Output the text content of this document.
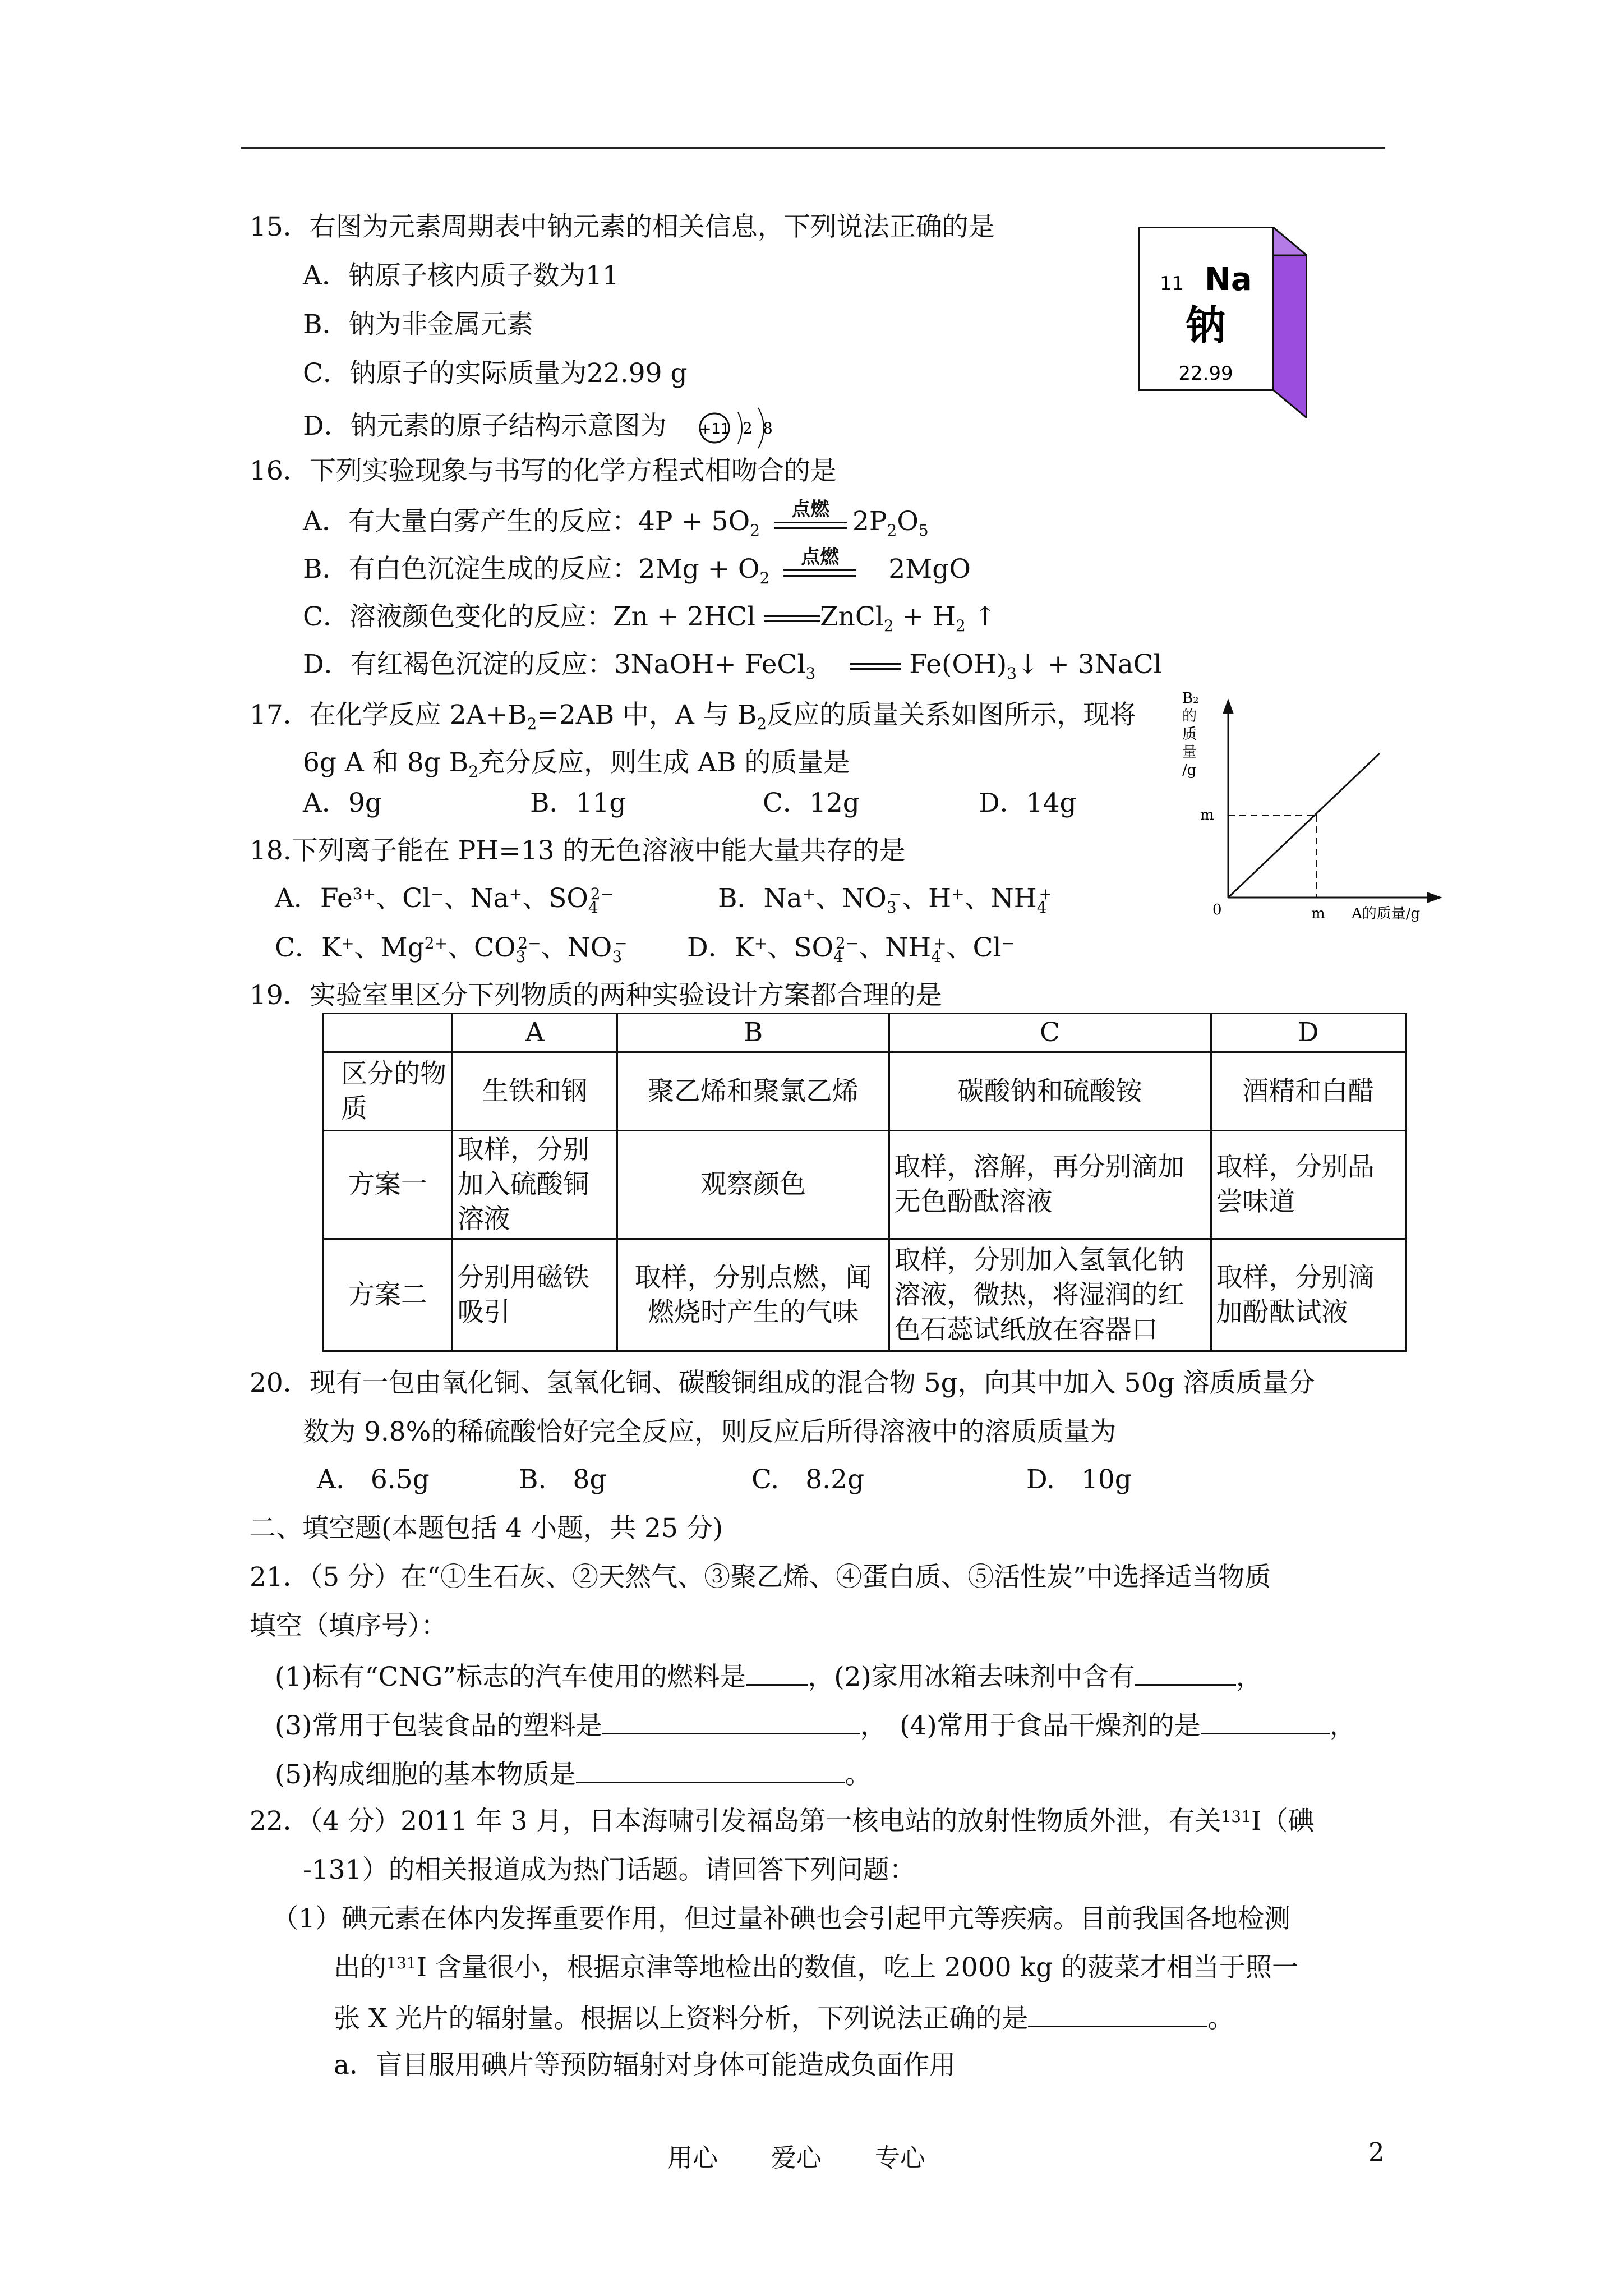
15．右图为元素周期表中钠元素的相关信息，下列说法正确的是
A．钠原子核内质子数为11
B．钠为非金属元素
C．钠原子的实际质量为22.99 g
D．钠元素的原子结构示意图为 +11 2 8
11 Na
钠
22.99
16．下列实验现象与书写的化学方程式相吻合的是
A．有大量白雾产生的反应：$4P + 5O_2$
点燃 $2P_2O_5$
B．有白色沉淀生成的反应：$2Mg + O_2$
点燃 　2MgO
C．溶液颜色变化的反应：Zn + 2HCl ZnCl$_2$ + $H_2$ ↑
D．有红褐色沉淀的反应：3NaOH+ FeCl$_3$　	$Fe(OH)_3↓$ + 3NaCl
17．在化学反应 $2A+B_2=2AB$ 中，A 与 $B_2$反应的质量关系如图所示，现将
6g A 和 8g $B_2$充分反应，则生成 AB 的质量是
A．9g	B．11g	C．12g	D．14g
B₂
的
质
量
/g
m
0	m A的质量/g
18.下列离子能在 PH=13 的无色溶液中能大量共存的是
A．$Fe^{3+}$、Cl−、Na+、$SO_4^{2-}$	B．Na+、$NO_3^-$、H+、$NH_4^+$
C．K+、$Mg^{2+}$、$CO_3^{2-}$、$NO_3^-$ D．K+、$SO_4^{2-}$、$NH_4^+$、Cl−
19．实验室里区分下列物质的两种实验设计方案都合理的是
	A	B	C	D
区分的物　质	生铁和钢	聚乙烯和聚氯乙烯	碳酸钠和硫酸铵	酒精和白醋
方案一	取样，分别加入硫酸铜溶液	观察颜色	取样，溶解，再分别滴加无色酚酞溶液	取样，分别品尝味道
方案二	分别用磁铁吸引	取样，分别点燃，闻燃烧时产生的气味	取样，分别加入氢氧化钠溶液，微热，将湿润的红色石蕊试纸放在容器口	取样，分别滴加酚酞试液
20．现有一包由氧化铜、氢氧化铜、碳酸铜组成的混合物 5g，向其中加入 50g 溶质质量分
数为 9.8%的稀硫酸恰好完全反应，则反应后所得溶液中的溶质质量为
A.　6.5g	B.　8g	C.　8.2g	D.　10g
二、填空题(本题包括 4 小题，共 25 分)
21．（5 分）在“①生石灰、②天然气、③聚乙烯、④蛋白质、⑤活性炭”中选择适当物质
填空（填序号）：
(1)标有“CNG”标志的汽车使用的燃料是 ，(2)家用冰箱去味剂中含有	，
(3)常用于包装食品的塑料是	，　(4)常用于食品干燥剂的是	，
(5)构成细胞的基本物质是	。
22．（4 分）2011 年 3 月，日本海啸引发福岛第一核电站的放射性物质外泄，有关$^{131}$I（碘
-131）的相关报道成为热门话题。请回答下列问题：
（1）碘元素在体内发挥重要作用，但过量补碘也会引起甲亢等疾病。目前我国各地检测
出的$^{131}$I 含量很小，根据京津等地检出的数值，吃上 2000 kg 的菠菜才相当于照一
张 X 光片的辐射量。根据以上资料分析，下列说法正确的是	。
a．盲目服用碘片等预防辐射对身体可能造成负面作用
用心 爱心 专心	2
